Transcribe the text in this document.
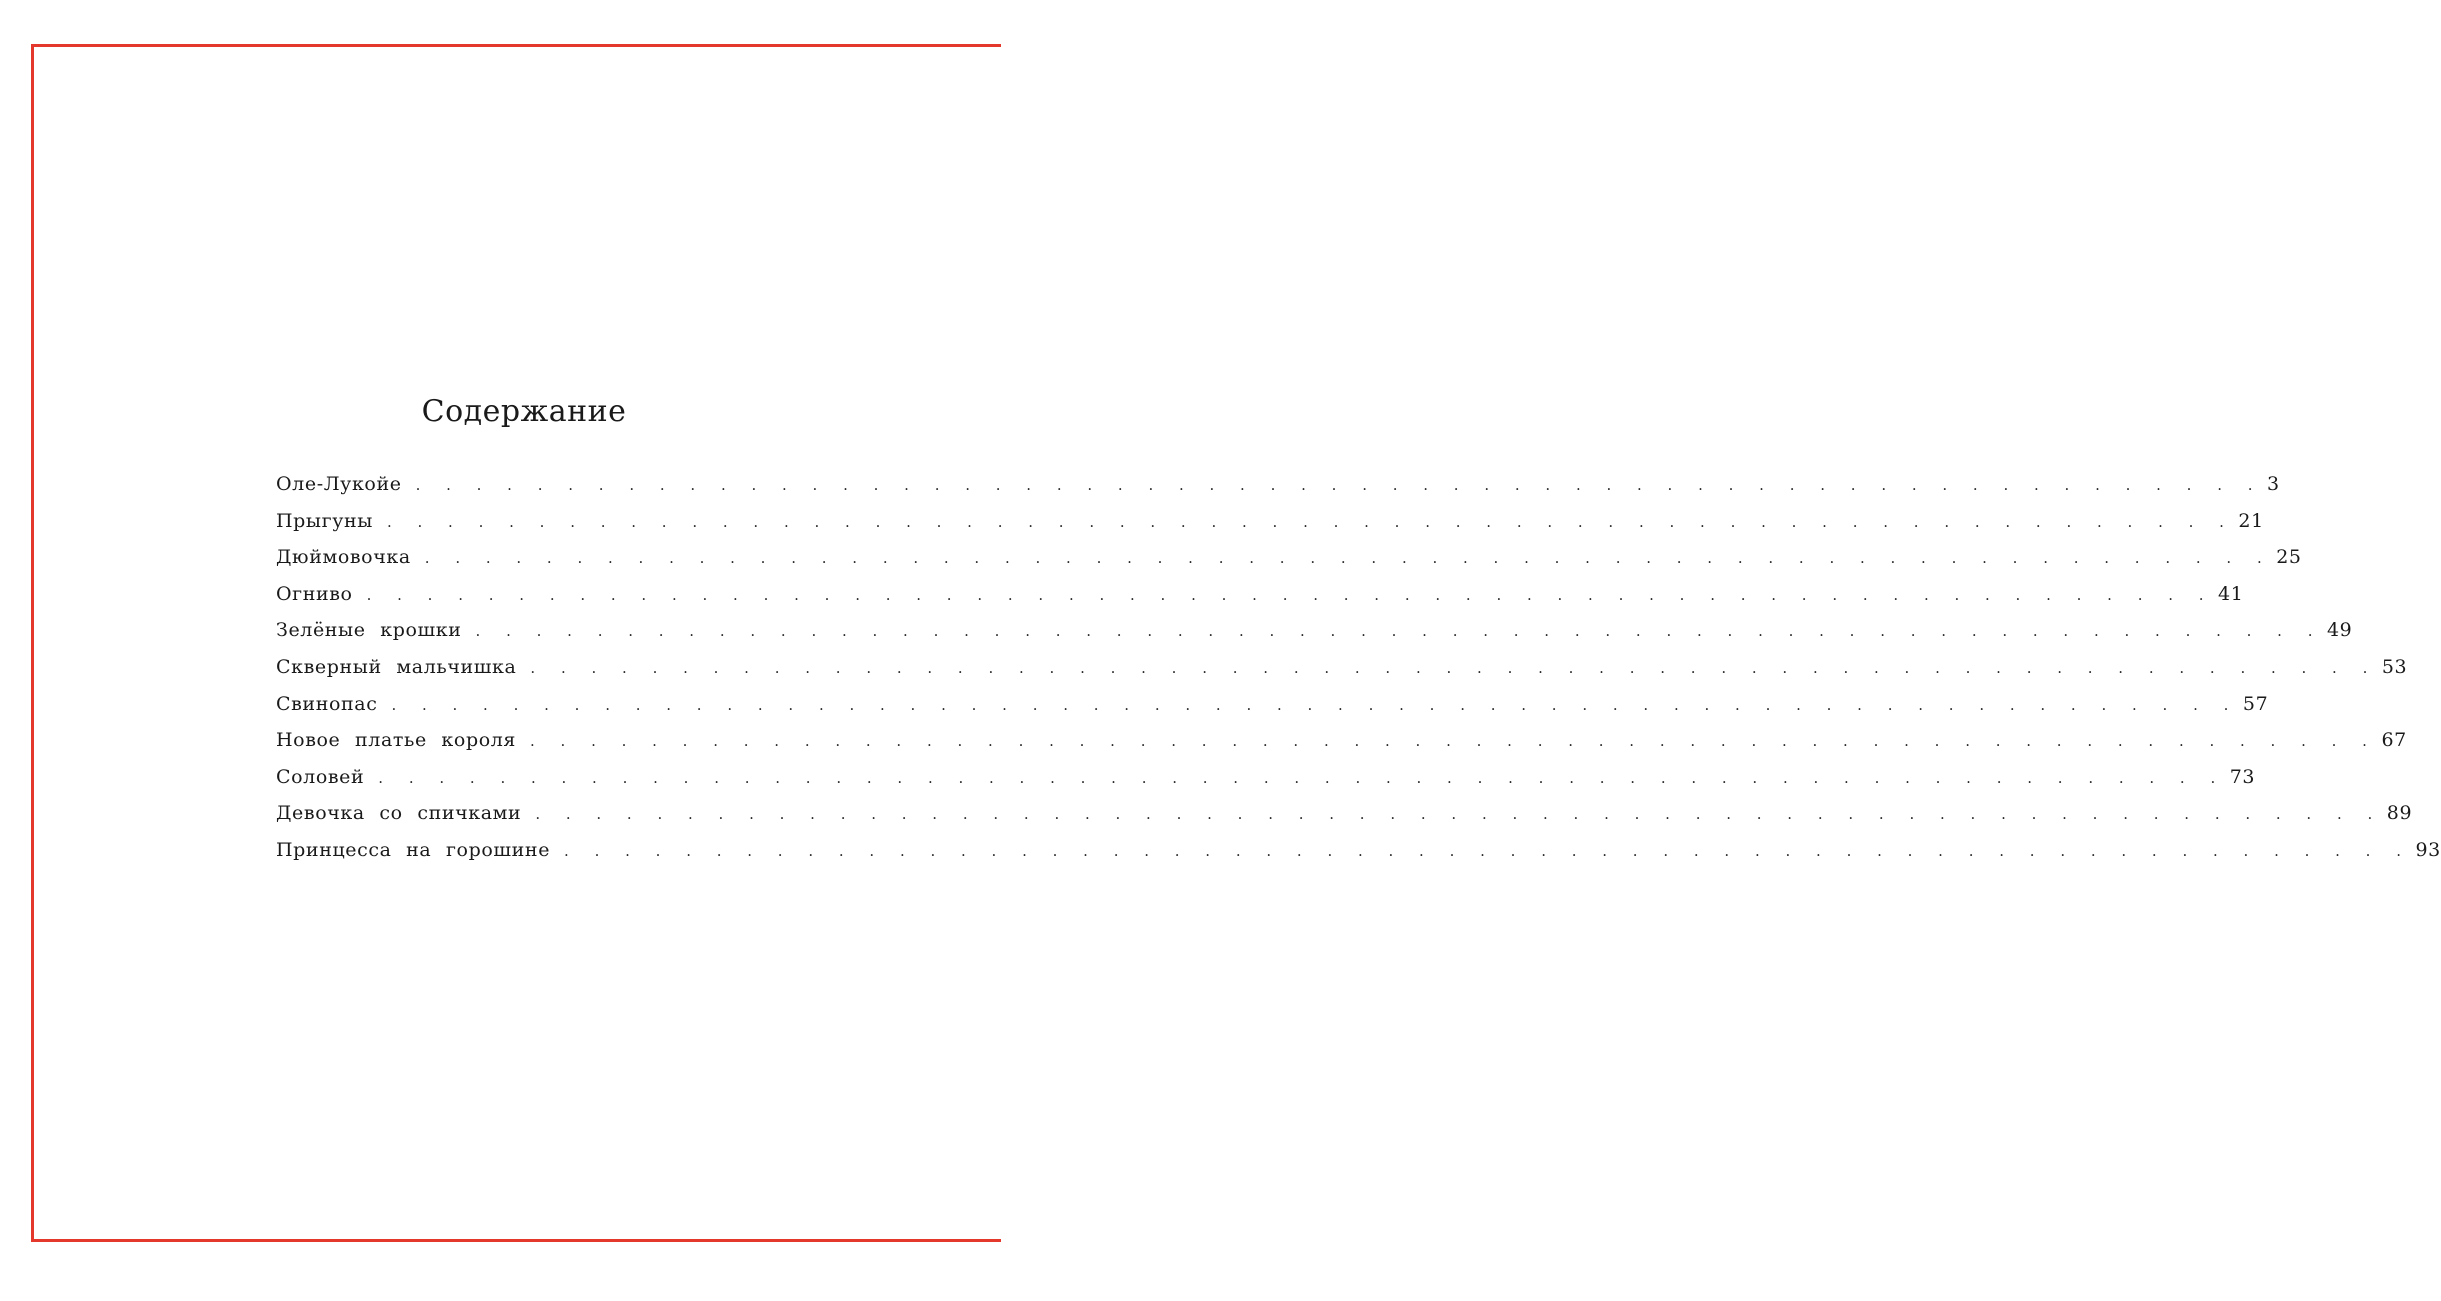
Содержание
Оле-Лукойе . . . . . . . . . . . . . . . . . . . . . . . . . . . . . . . . . . . . . . . . . . . . . . . . . . . . . . . . . . . . . 3
Прыгуны . . . . . . . . . . . . . . . . . . . . . . . . . . . . . . . . . . . . . . . . . . . . . . . . . . . . . . . . . . . . . 21
Дюймовочка . . . . . . . . . . . . . . . . . . . . . . . . . . . . . . . . . . . . . . . . . . . . . . . . . . . . . . . . . . . . . 25
Огниво . . . . . . . . . . . . . . . . . . . . . . . . . . . . . . . . . . . . . . . . . . . . . . . . . . . . . . . . . . . . . 41
Зелёные крошки . . . . . . . . . . . . . . . . . . . . . . . . . . . . . . . . . . . . . . . . . . . . . . . . . . . . . . . . . . . . . 49
Скверный мальчишка . . . . . . . . . . . . . . . . . . . . . . . . . . . . . . . . . . . . . . . . . . . . . . . . . . . . . . . . . . . . . 53
Свинопас . . . . . . . . . . . . . . . . . . . . . . . . . . . . . . . . . . . . . . . . . . . . . . . . . . . . . . . . . . . . . 57
Новое платье короля . . . . . . . . . . . . . . . . . . . . . . . . . . . . . . . . . . . . . . . . . . . . . . . . . . . . . . . . . . . . . 67
Соловей . . . . . . . . . . . . . . . . . . . . . . . . . . . . . . . . . . . . . . . . . . . . . . . . . . . . . . . . . . . . . 73
Девочка со спичками . . . . . . . . . . . . . . . . . . . . . . . . . . . . . . . . . . . . . . . . . . . . . . . . . . . . . . . . . . . . . 89
Принцесса на горошине . . . . . . . . . . . . . . . . . . . . . . . . . . . . . . . . . . . . . . . . . . . . . . . . . . . . . . . . . . . . . 93
